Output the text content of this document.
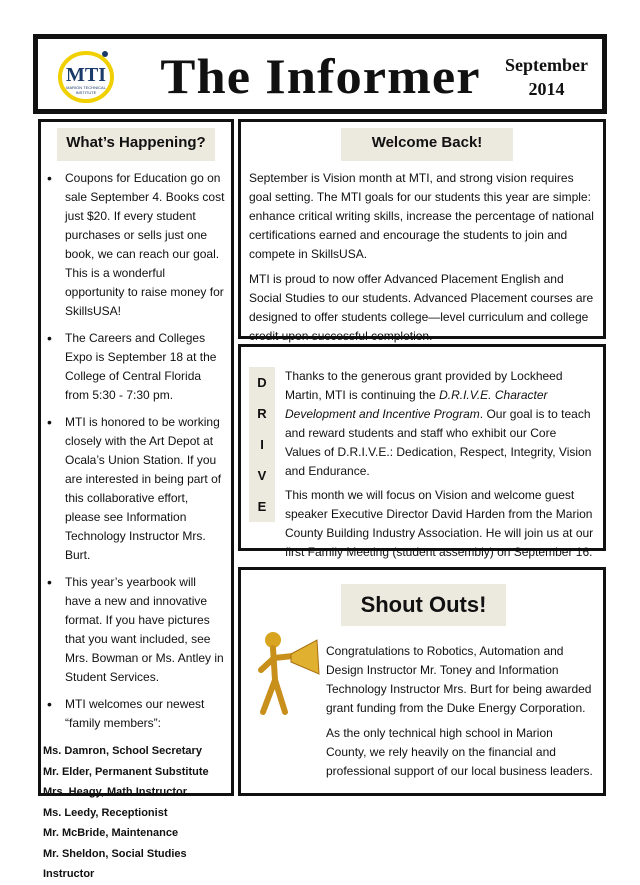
MTI
MARION TECHNICAL
INSTITUTE The Informer September
2014
What’s Happening?
• Coupons for Education go on sale September 4. Books cost just $20. If every student purchases or sells just one book, we can reach our goal. This is a wonderful opportunity to raise money for SkillsUSA!
• The Careers and Colleges Expo is September 18 at the College of Central Florida from 5:30 - 7:30 pm.
• MTI is honored to be working closely with the Art Depot at Ocala’s Union Station. If you are interested in being part of this collaborative effort, please see Information Technology Instructor Mrs. Burt.
• This year’s yearbook will have a new and innovative format. If you have pictures that you want included, see Mrs. Bowman or Ms. Antley in Student Services.
• MTI welcomes our newest “family members”:
Ms. Damron, School Secretary
Mr. Elder, Permanent Substitute
Mrs. Heagy, Math Instructor
Ms. Leedy, Receptionist
Mr. McBride, Maintenance
Mr. Sheldon, Social Studies Instructor
Welcome Back!

September is Vision month at MTI, and strong vision requires goal setting. The MTI goals for our students this year are simple: enhance critical writing skills, increase the percentage of national certifications earned and encourage the students to join and compete in SkillsUSA.

MTI is proud to now offer Advanced Placement English and Social Studies to our students. Advanced Placement courses are designed to offer students college—level curriculum and college credit upon successful completion.

D
R
I
V
E

Thanks to the generous grant provided by Lockheed Martin, MTI is continuing the D.R.I.V.E. Character Development and Incentive Program. Our goal is to teach and reward students and staff who exhibit our Core Values of D.R.I.V.E.: Dedication, Respect, Integrity, Vision and Endurance.

This month we will focus on Vision and welcome guest speaker Executive Director David Harden from the Marion County Building Industry Association. He will join us at our first Family Meeting (student assembly) on September 16.

Shout Outs!

Congratulations to Robotics, Automation and Design Instructor Mr. Toney and Information Technology Instructor Mrs. Burt for being awarded grant funding from the Duke Energy Corporation.

As the only technical high school in Marion County, we rely heavily on the financial and professional support of our local business leaders.
